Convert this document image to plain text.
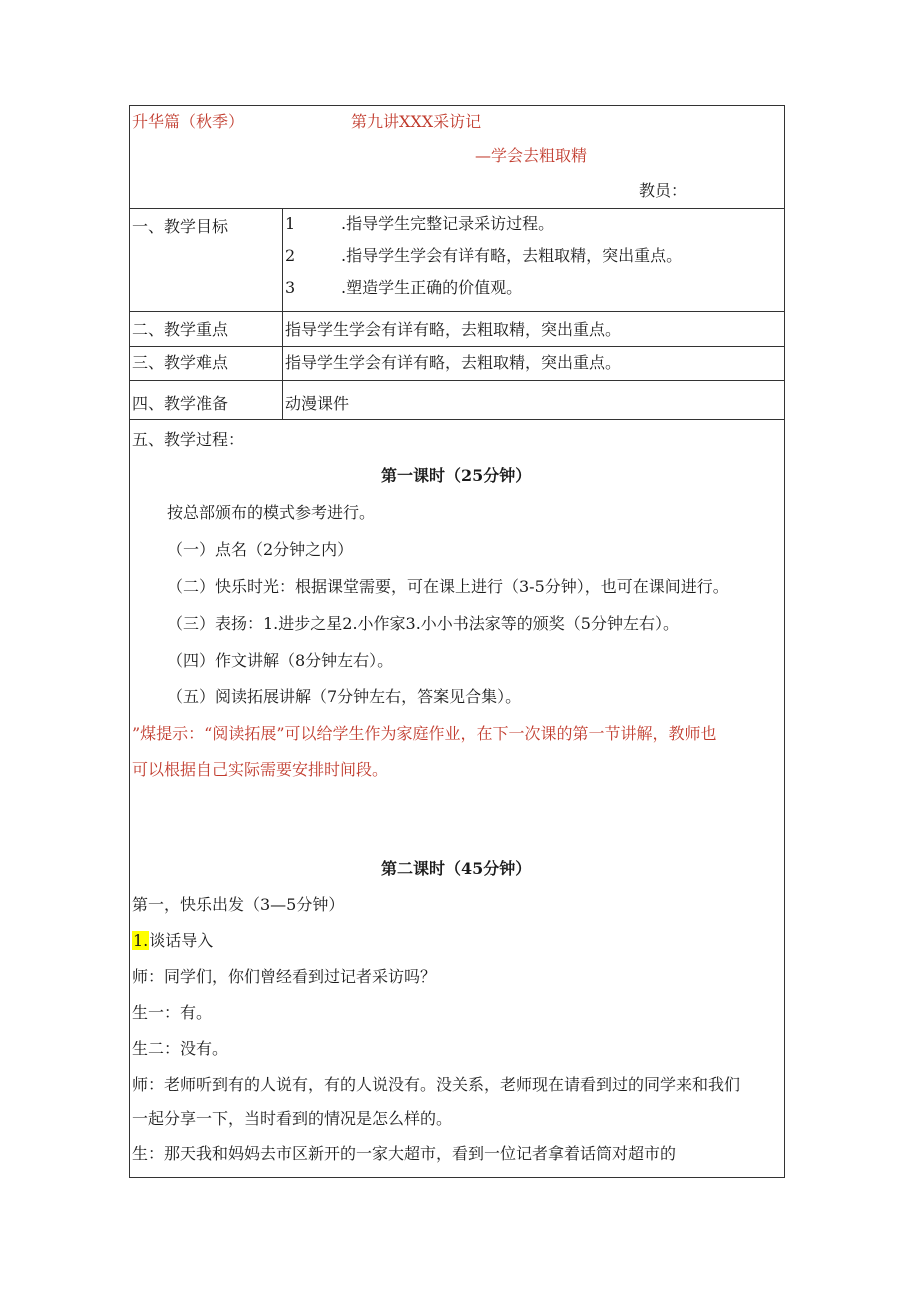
升华篇（秋季）	第九讲XXX采访记
—学会去粗取精
教员：
一、教学目标	1	.指导学生完整记录采访过程。
2	.指导学生学会有详有略，去粗取精，突出重点。
3	.塑造学生正确的价值观。
二、教学重点	指导学生学会有详有略，去粗取精，突出重点。
三、教学难点	指导学生学会有详有略，去粗取精，突出重点。
四、教学准备	动漫课件
五、教学过程：
第一课时（25分钟）
按总部颁布的模式参考进行。
（一）点名（2分钟之内）
（二）快乐时光：根据课堂需要，可在课上进行（3-5分钟），也可在课间进行。
（三）表扬：1.进步之星2.小作家3.小小书法家等的颁奖（5分钟左右）。
（四）作文讲解（8分钟左右）。
（五）阅读拓展讲解（7分钟左右，答案见合集）。
”煤提示：“阅读拓展”可以给学生作为家庭作业，在下一次课的第一节讲解，教师也
可以根据自己实际需要安排时间段。
第二课时（45分钟）
第一，快乐出发（3—5分钟）
1.谈话导入
师：同学们，你们曾经看到过记者采访吗？
生一：有。
生二：没有。
师：老师听到有的人说有，有的人说没有。没关系，老师现在请看到过的同学来和我们
一起分享一下，当时看到的情况是怎么样的。
生：那天我和妈妈去市区新开的一家大超市，看到一位记者拿着话筒对超市的
